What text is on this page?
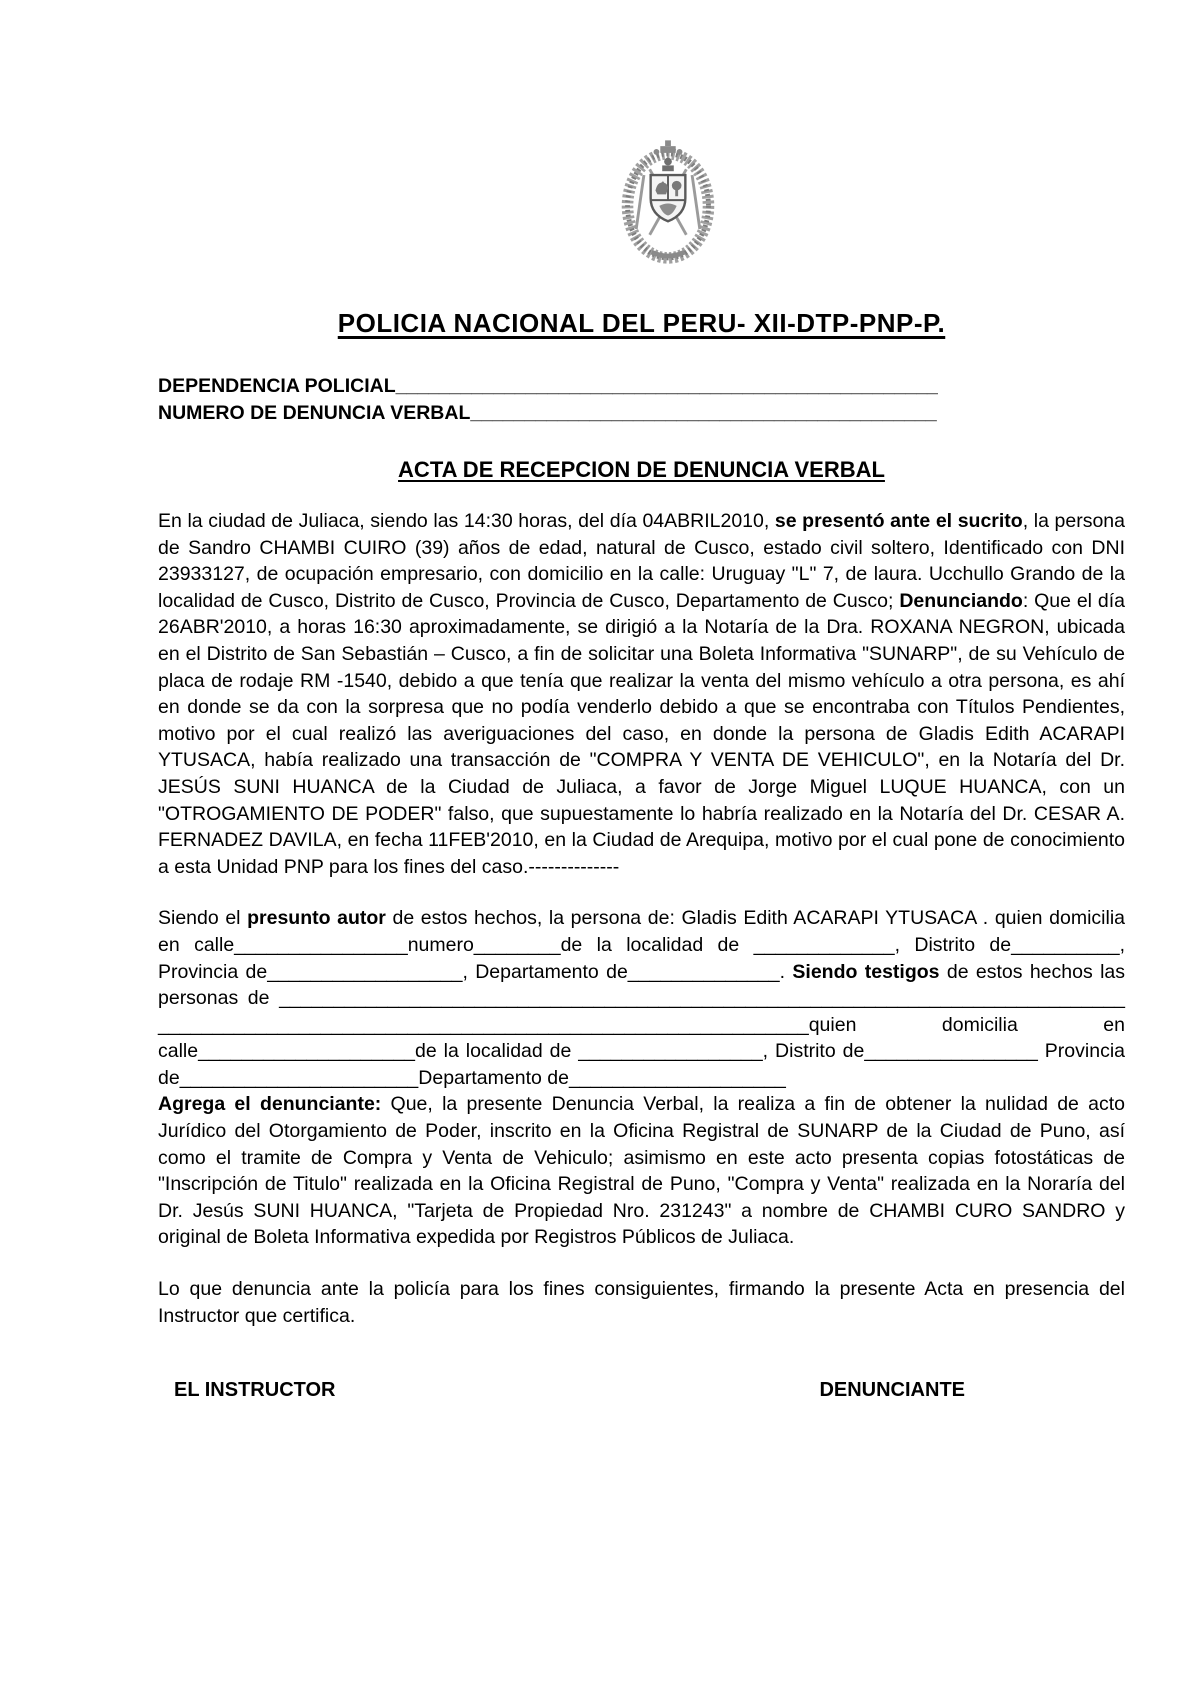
POLICIA NACIONAL DEL PERU- XII-DTP-PNP-P.
DEPENDENCIA POLICIAL__________________________________________________
NUMERO DE DENUNCIA VERBAL___________________________________________
ACTA DE RECEPCION DE DENUNCIA VERBAL

En la ciudad de Juliaca, siendo las 14:30 horas, del día 04ABRIL2010, se presentó ante el sucrito, la persona de Sandro CHAMBI CUIRO (39) años de edad, natural de Cusco, estado civil soltero, Identificado con DNI 23933127, de ocupación empresario, con domicilio en la calle: Uruguay "L" 7, de laura. Ucchullo Grando de la localidad de Cusco, Distrito de Cusco, Provincia de Cusco, Departamento de Cusco; Denunciando: Que el día 26ABR'2010, a horas 16:30 aproximadamente, se dirigió a la Notaría de la Dra. ROXANA NEGRON, ubicada en el Distrito de San Sebastián – Cusco, a fin de solicitar una Boleta Informativa "SUNARP", de su Vehículo de placa de rodaje RM -1540, debido a que tenía que realizar la venta del mismo vehículo a otra persona, es ahí en donde se da con la sorpresa que no podía venderlo debido a que se encontraba con Títulos Pendientes, motivo por el cual realizó las averiguaciones del caso, en donde la persona de Gladis Edith ACARAPI YTUSACA, había realizado una transacción de "COMPRA Y VENTA DE VEHICULO", en la Notaría del Dr. JESÚS SUNI HUANCA de la Ciudad de Juliaca, a favor de Jorge Miguel LUQUE HUANCA, con un "OTROGAMIENTO DE PODER" falso, que supuestamente lo habría realizado en la Notaría del Dr. CESAR A. FERNADEZ DAVILA, en fecha 11FEB'2010, en la Ciudad de Arequipa, motivo por el cual pone de conocimiento a esta Unidad PNP para los fines del caso.--------------

Siendo el presunto autor de estos hechos, la persona de: Gladis Edith ACARAPI YTUSACA . quien domicilia en calle________________numero________de la localidad de _____________, Distrito de__________, Provincia de__________________, Departamento de______________. Siendo testigos de estos hechos las personas de ______________________________________________________________________________ ____________________________________________________________quien domicilia en calle____________________de la localidad de _________________, Distrito de________________ Provincia de______________________Departamento de____________________

Agrega el denunciante: Que, la presente Denuncia Verbal, la realiza a fin de obtener la nulidad de acto Jurídico del Otorgamiento de Poder, inscrito en la Oficina Registral de SUNARP de la Ciudad de Puno, así como el tramite de Compra y Venta de Vehiculo; asimismo en este acto presenta copias fotostáticas de "Inscripción de Titulo" realizada en la Oficina Registral de Puno, "Compra y Venta" realizada en la Noraría del Dr. Jesús SUNI HUANCA, "Tarjeta de Propiedad Nro. 231243" a nombre de CHAMBI CURO SANDRO y original de Boleta Informativa expedida por Registros Públicos de Juliaca.

Lo que denuncia ante la policía para los fines consiguientes, firmando la presente Acta en presencia del Instructor que certifica.

EL INSTRUCTOR	DENUNCIANTE
